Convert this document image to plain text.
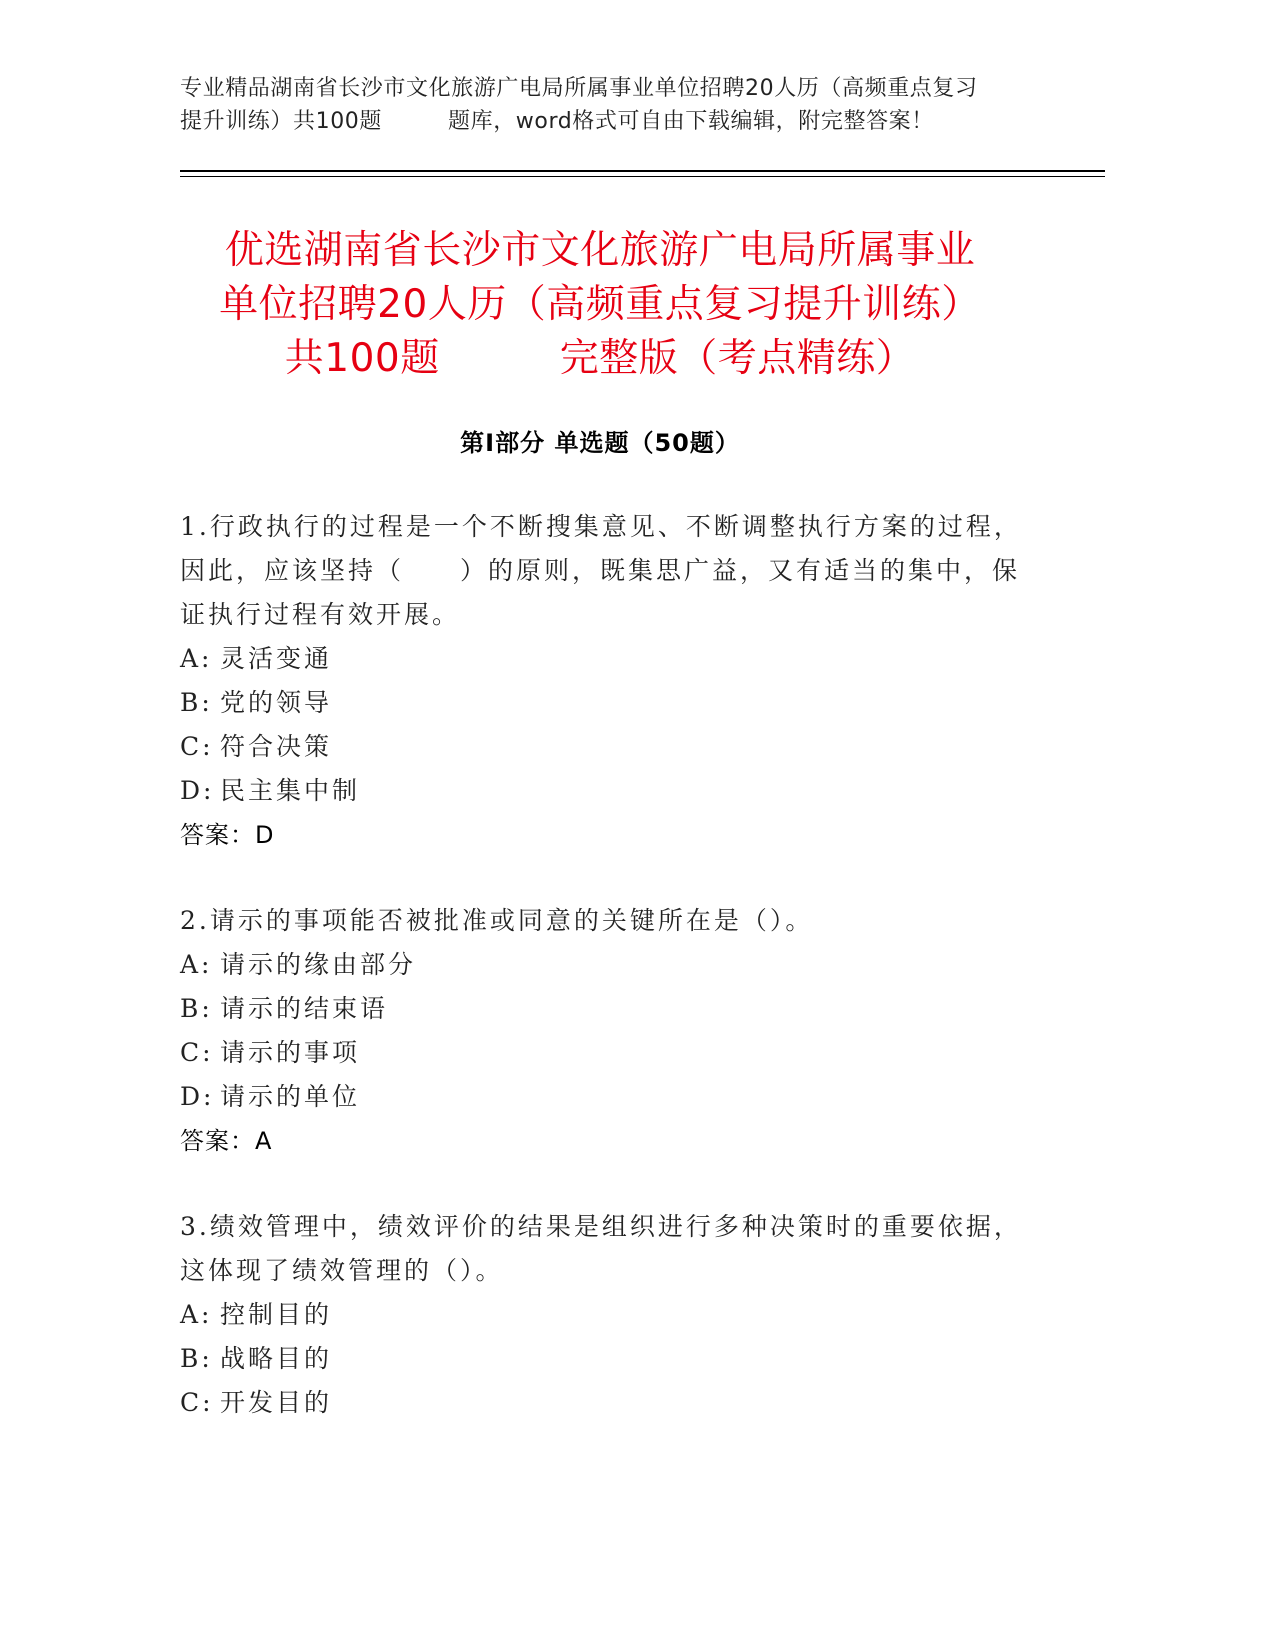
专业精品湖南省长沙市文化旅游广电局所属事业单位招聘20人历（高频重点复习
提升训练）共100题	题库，word格式可自由下载编辑，附完整答案！
优选湖南省长沙市文化旅游广电局所属事业
单位招聘20人历（高频重点复习提升训练）
共100题	完整版（考点精练）
第Ⅰ部分 单选题（50题）

1.行政执行的过程是一个不断搜集意见、不断调整执行方案的过程，

因此，应该坚持（　　）的原则，既集思广益，又有适当的集中，保

证执行过程有效开展。

A: 灵活变通

B: 党的领导

C: 符合决策

D: 民主集中制

答案：D

2.请示的事项能否被批准或同意的关键所在是（）。

A: 请示的缘由部分

B: 请示的结束语

C: 请示的事项

D: 请示的单位

答案：A

3.绩效管理中，绩效评价的结果是组织进行多种决策时的重要依据，

这体现了绩效管理的（）。

A: 控制目的

B: 战略目的

C: 开发目的
